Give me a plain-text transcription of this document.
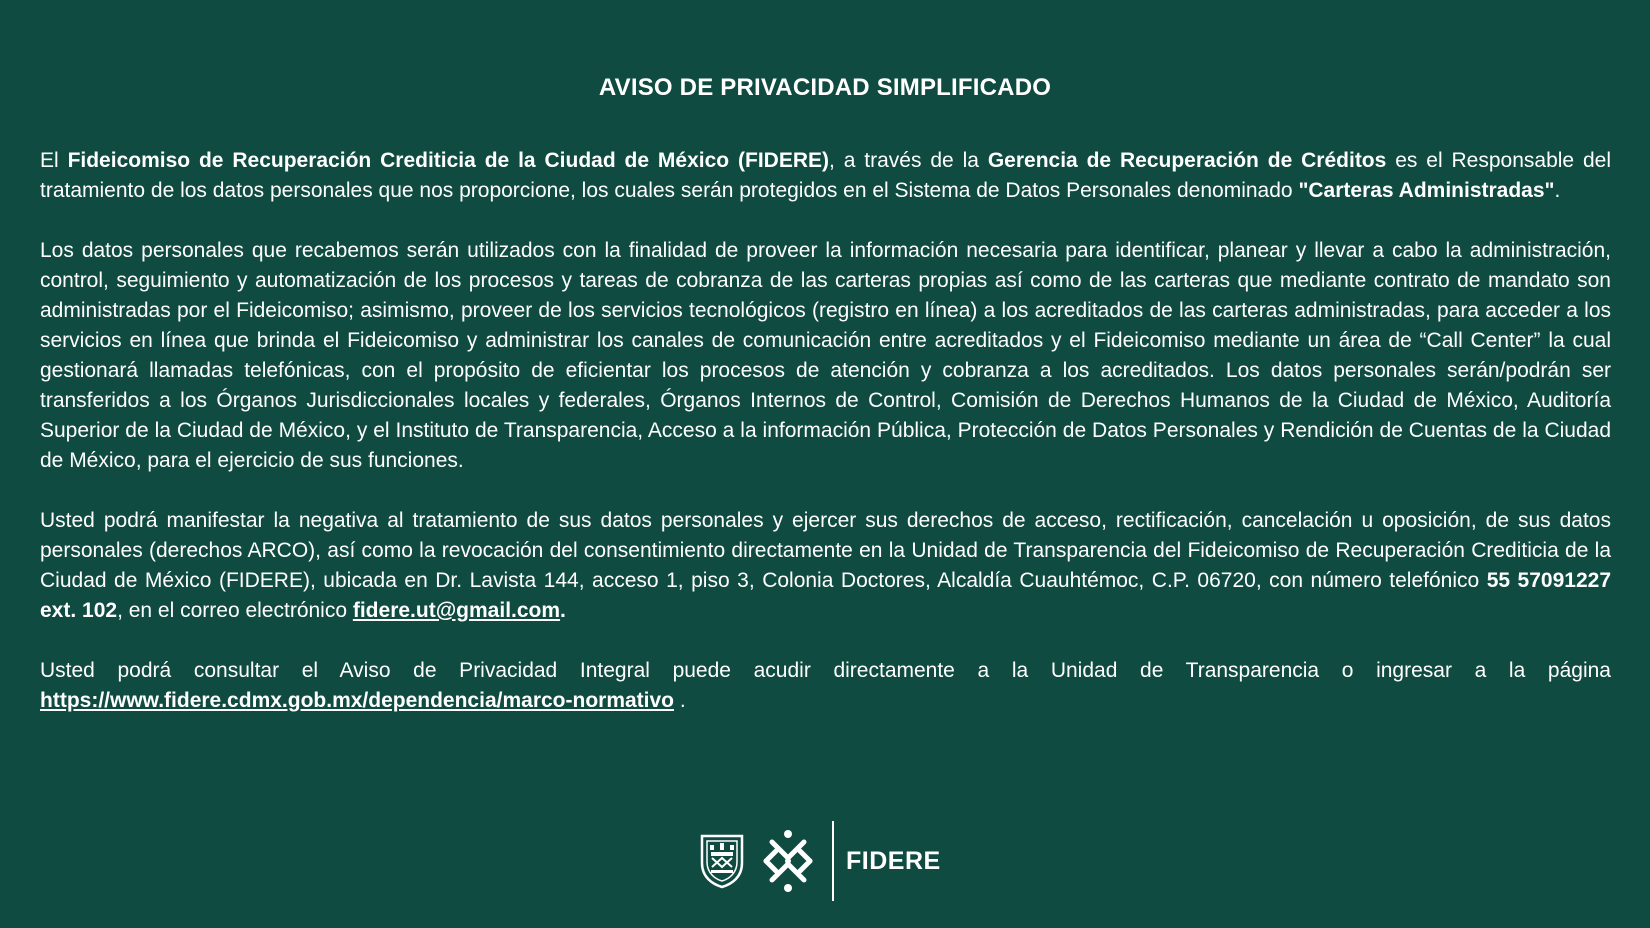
AVISO DE PRIVACIDAD SIMPLIFICADO

El Fideicomiso de Recuperación Crediticia de la Ciudad de México (FIDERE), a través de la Gerencia de Recuperación de Créditos es el Responsable del tratamiento de los datos personales que nos proporcione, los cuales serán protegidos en el Sistema de Datos Personales denominado "Carteras Administradas".

Los datos personales que recabemos serán utilizados con la finalidad de proveer la información necesaria para identificar, planear y llevar a cabo la administración, control, seguimiento y automatización de los procesos y tareas de cobranza de las carteras propias así como de las carteras que mediante contrato de mandato son administradas por el Fideicomiso; asimismo, proveer de los servicios tecnológicos (registro en línea) a los acreditados de las carteras administradas, para acceder a los servicios en línea que brinda el Fideicomiso y administrar los canales de comunicación entre acreditados y el Fideicomiso mediante un área de “Call Center” la cual gestionará llamadas telefónicas, con el propósito de eficientar los procesos de atención y cobranza a los acreditados. Los datos personales serán/podrán ser transferidos a los Órganos Jurisdiccionales locales y federales, Órganos Internos de Control, Comisión de Derechos Humanos de la Ciudad de México, Auditoría Superior de la Ciudad de México, y el Instituto de Transparencia, Acceso a la información Pública, Protección de Datos Personales y Rendición de Cuentas de la Ciudad de México, para el ejercicio de sus funciones.

Usted podrá manifestar la negativa al tratamiento de sus datos personales y ejercer sus derechos de acceso, rectificación, cancelación u oposición, de sus datos personales (derechos ARCO), así como la revocación del consentimiento directamente en la Unidad de Transparencia del Fideicomiso de Recuperación Crediticia de la Ciudad de México (FIDERE), ubicada en Dr. Lavista 144, acceso 1, piso 3, Colonia Doctores, Alcaldía Cuauhtémoc, C.P. 06720, con número telefónico 55 57091227 ext. 102, en el correo electrónico fidere.ut@gmail.com.

Usted podrá consultar el Aviso de Privacidad Integral puede acudir directamente a la Unidad de Transparencia o ingresar a la página https://www.fidere.cdmx.gob.mx/dependencia/marco-normativo .

FIDERE
